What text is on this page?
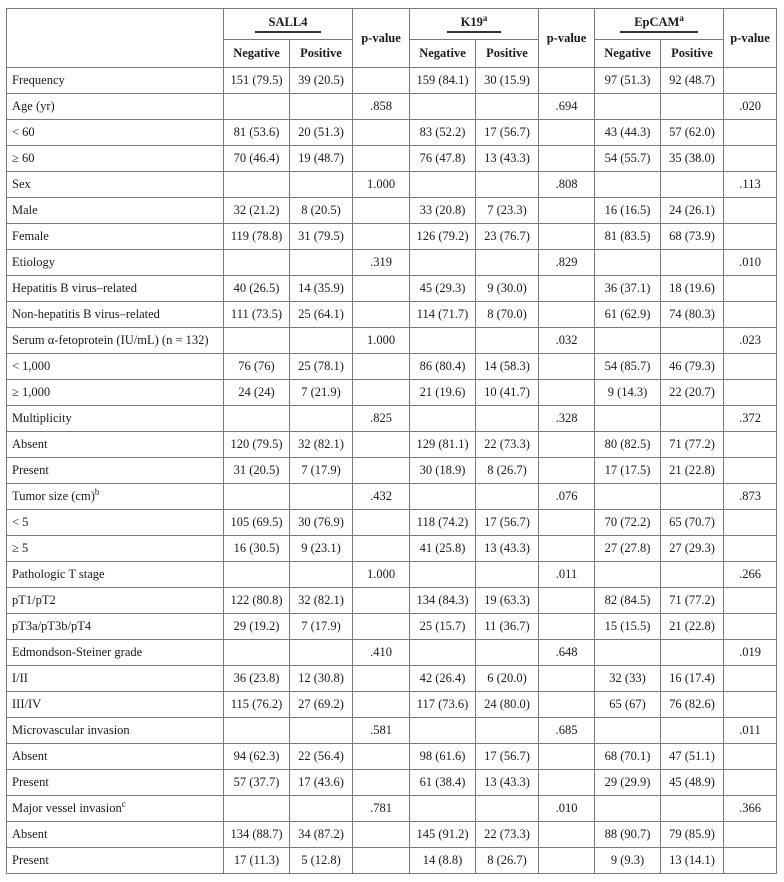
	SALL4		p-value	K19$^a$		p-value	EpCAM$^a$		p-value
	Negative	Positive		Negative	Positive		Negative	Positive	
Frequency	151 (79.5)	39 (20.5)		159 (84.1)	30 (15.9)		97 (51.3)	92 (48.7)	
Age (yr)			.858			.694			.020
< 60	81 (53.6)	20 (51.3)		83 (52.2)	17 (56.7)		43 (44.3)	57 (62.0)	
≥ 60	70 (46.4)	19 (48.7)		76 (47.8)	13 (43.3)		54 (55.7)	35 (38.0)	
Sex			1.000			.808			.113
Male	32 (21.2)	8 (20.5)		33 (20.8)	7 (23.3)		16 (16.5)	24 (26.1)	
Female	119 (78.8)	31 (79.5)		126 (79.2)	23 (76.7)		81 (83.5)	68 (73.9)	
Etiology			.319			.829			.010
Hepatitis B virus–related	40 (26.5)	14 (35.9)		45 (29.3)	9 (30.0)		36 (37.1)	18 (19.6)	
Non-hepatitis B virus–related	111 (73.5)	25 (64.1)		114 (71.7)	8 (70.0)		61 (62.9)	74 (80.3)	
Serum α-fetoprotein (IU/mL) (n = 132)			1.000			.032			.023
< 1,000	76 (76)	25 (78.1)		86 (80.4)	14 (58.3)		54 (85.7)	46 (79.3)	
≥ 1,000	24 (24)	7 (21.9)		21 (19.6)	10 (41.7)		9 (14.3)	22 (20.7)	
Multiplicity			.825			.328			.372
Absent	120 (79.5)	32 (82.1)		129 (81.1)	22 (73.3)		80 (82.5)	71 (77.2)	
Present	31 (20.5)	7 (17.9)		30 (18.9)	8 (26.7)		17 (17.5)	21 (22.8)	
Tumor size (cm)$^b$			.432			.076			.873
< 5	105 (69.5)	30 (76.9)		118 (74.2)	17 (56.7)		70 (72.2)	65 (70.7)	
≥ 5	16 (30.5)	9 (23.1)		41 (25.8)	13 (43.3)		27 (27.8)	27 (29.3)	
Pathologic T stage			1.000			.011			.266
pT1/pT2	122 (80.8)	32 (82.1)		134 (84.3)	19 (63.3)		82 (84.5)	71 (77.2)	
pT3a/pT3b/pT4	29 (19.2)	7 (17.9)		25 (15.7)	11 (36.7)		15 (15.5)	21 (22.8)	
Edmondson-Steiner grade			.410			.648			.019
I/II	36 (23.8)	12 (30.8)		42 (26.4)	6 (20.0)		32 (33)	16 (17.4)	
III/IV	115 (76.2)	27 (69.2)		117 (73.6)	24 (80.0)		65 (67)	76 (82.6)	
Microvascular invasion			.581			.685			.011
Absent	94 (62.3)	22 (56.4)		98 (61.6)	17 (56.7)		68 (70.1)	47 (51.1)	
Present	57 (37.7)	17 (43.6)		61 (38.4)	13 (43.3)		29 (29.9)	45 (48.9)	
Major vessel invasion$^c$			.781			.010			.366
Absent	134 (88.7)	34 (87.2)		145 (91.2)	22 (73.3)		88 (90.7)	79 (85.9)	
Present	17 (11.3)	5 (12.8)		14 (8.8)	8 (26.7)		9 (9.3)	13 (14.1)	
